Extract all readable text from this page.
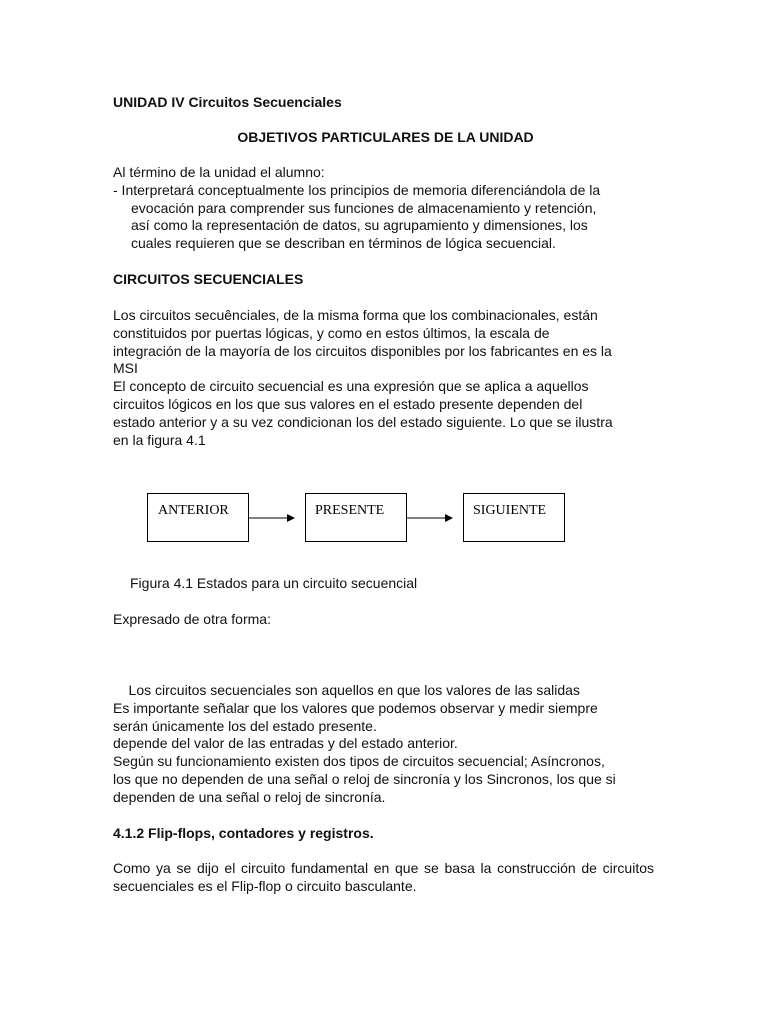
UNIDAD IV Circuitos Secuenciales
OBJETIVOS PARTICULARES DE LA UNIDAD
Al término de la unidad el alumno:
- Interpretará conceptualmente los principios de memoria diferenciándola de la
evocación para comprender sus funciones de almacenamiento y retención,
así como la representación de datos, su agrupamiento y dimensiones, los
cuales requieren que se describan en términos de lógica secuencial.
CIRCUITOS SECUENCIALES
Los circuitos secuênciales, de la misma forma que los combinacionales, están
constituidos por puertas lógicas, y como en estos últimos, la escala de
integración de la mayoría de los circuitos disponibles por los fabricantes en es la
MSI
El concepto de circuito secuencial es una expresión que se aplica a aquellos
circuitos lógicos en los que sus valores en el estado presente dependen del
estado anterior y a su vez condicionan los del estado siguiente. Lo que se ilustra
en la figura 4.1
ANTERIOR	PRESENTE	SIGUIENTE
Figura 4.1 Estados para un circuito secuencial
Expresado de otra forma:

Los circuitos secuenciales son aquellos en que los valores de las salidas

depende del valor de las entradas y del estado anterior.

Es importante señalar que los valores que podemos observar y medir siempre
serán únicamente los del estado presente.
Según su funcionamiento existen dos tipos de circuitos secuencial; Asíncronos,
los que no dependen de una señal o reloj de sincronía y los Sincronos, los que si
dependen de una señal o reloj de sincronía.
4.1.2 Flip-flops, contadores y registros.
Como ya se dijo el circuito fundamental en que se basa la construcción de circuitos secuenciales es el Flip-flop o circuito basculante.
